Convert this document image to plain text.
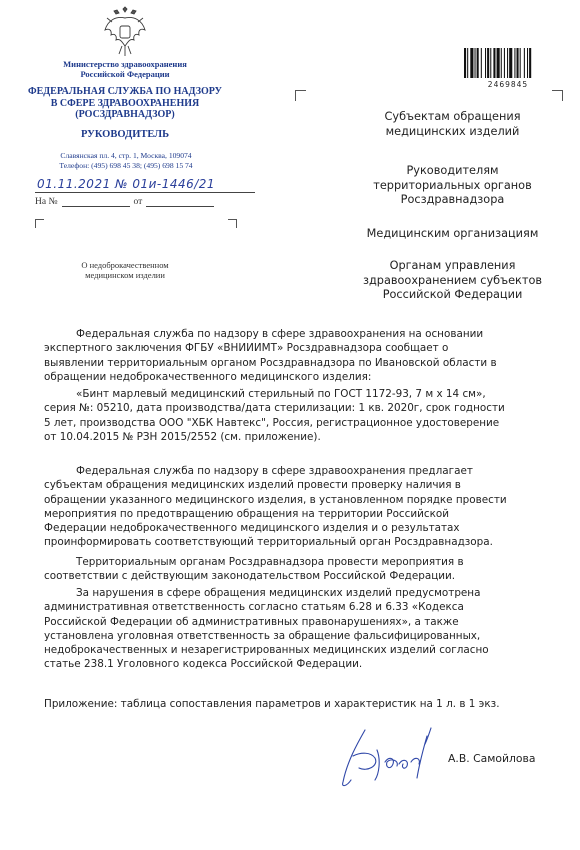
Министерство здравоохранения
Российской Федерации
ФЕДЕРАЛЬНАЯ СЛУЖБА ПО НАДЗОРУ
В СФЕРЕ ЗДРАВООХРАНЕНИЯ
(РОСЗДРАВНАДЗОР)
РУКОВОДИТЕЛЬ
Славянская пл. 4, стр. 1, Москва, 109074
Телефон: (495) 698 45 38; (495) 698 15 74
01.11.2021 № 01и-1446/21
На №	от
О недоброкачественном
медицинском изделии
2469845
Субъектам обращения
медицинских изделий
Руководителям
территориальных органов
Росздравнадзора
Медицинским организациям
Органам управления
здравоохранением субъектов
Российской Федерации
Федеральная служба по надзору в сфере здравоохранения на основании
экспертного заключения ФГБУ «ВНИИИМТ» Росздравнадзора сообщает о
выявлении территориальным органом Росздравнадзора по Ивановской области в
обращении недоброкачественного медицинского изделия:
«Бинт марлевый медицинский стерильный по ГОСТ 1172-93, 7 м х 14 см»,
серия №: 05210, дата производства/дата стерилизации: 1 кв. 2020г, срок годности
5 лет, производства ООО "ХБК Навтекс", Россия, регистрационное удостоверение
от 10.04.2015 № РЗН 2015/2552 (см. приложение).
Федеральная служба по надзору в сфере здравоохранения предлагает
субъектам обращения медицинских изделий провести проверку наличия в
обращении указанного медицинского изделия, в установленном порядке провести
мероприятия по предотвращению обращения на территории Российской
Федерации недоброкачественного медицинского изделия и о результатах
проинформировать соответствующий территориальный орган Росздравнадзора.
Территориальным органам Росздравнадзора провести мероприятия в
соответствии с действующим законодательством Российской Федерации.
За нарушения в сфере обращения медицинских изделий предусмотрена
административная ответственность согласно статьям 6.28 и 6.33 «Кодекса
Российской Федерации об административных правонарушениях», а также
установлена уголовная ответственность за обращение фальсифицированных,
недоброкачественных и незарегистрированных медицинских изделий согласно
статье 238.1 Уголовного кодекса Российской Федерации.
Приложение: таблица сопоставления параметров и характеристик на 1 л. в 1 экз.
А.В. Самойлова
